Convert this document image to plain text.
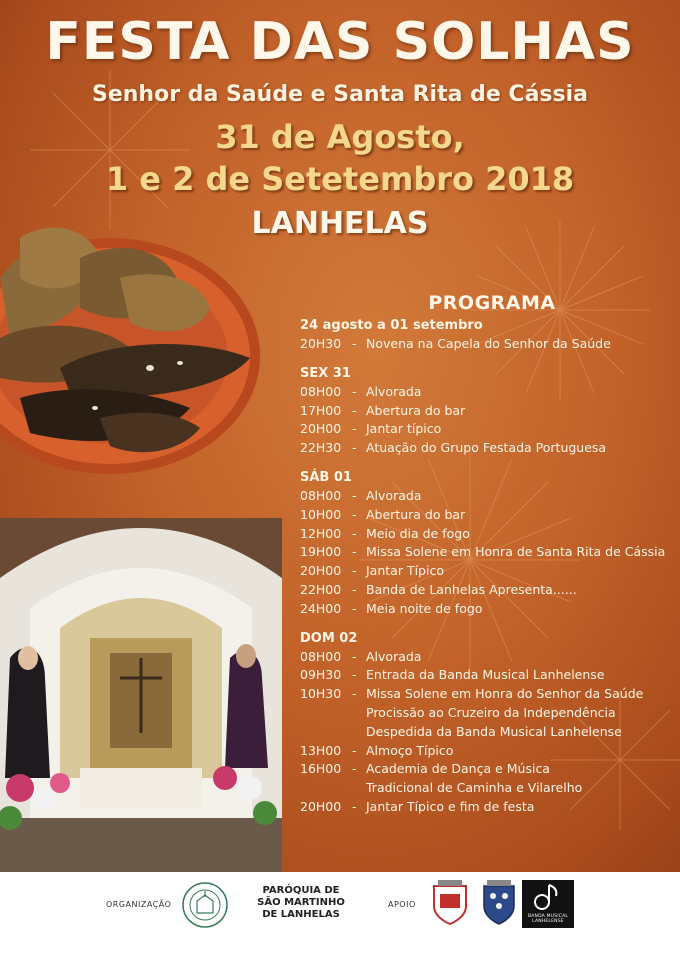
FESTA DAS SOLHAS
Senhor da Saúde e Santa Rita de Cássia
31 de Agosto,
1 e 2 de Setetembro 2018
LANHELAS
PROGRAMA
24 agosto a 01 setembro
20H30 - Novena na Capela do Senhor da Saúde
SEX 31
08H00 - Alvorada
17H00 - Abertura do bar
20H00 - Jantar típico
22H30 - Atuação do Grupo Festada Portuguesa
SÁB 01
08H00 - Alvorada
10H00 - Abertura do bar
12H00 - Meio dia de fogo
19H00 - Missa Solene em Honra de Santa Rita de Cássia
20H00 - Jantar Típico
22H00 - Banda de Lanhelas Apresenta......
24H00 - Meia noite de fogo
DOM 02
08H00 - Alvorada
09H30 - Entrada da Banda Musical Lanhelense
10H30 - Missa Solene em Honra do Senhor da Saúde
Procissão ao Cruzeiro da Independência
Despedida da Banda Musical Lanhelense
13H00 - Almoço Típico
16H00 - Academia de Dança e Música
Tradicional de Caminha e Vilarelho
20H00 - Jantar Típico e fim de festa
ORGANIZAÇÃO
PARÓQUIA DE
SÃO MARTINHO
DE LANHELAS
APOIO
BANDA MUSICAL LANHELENSE
